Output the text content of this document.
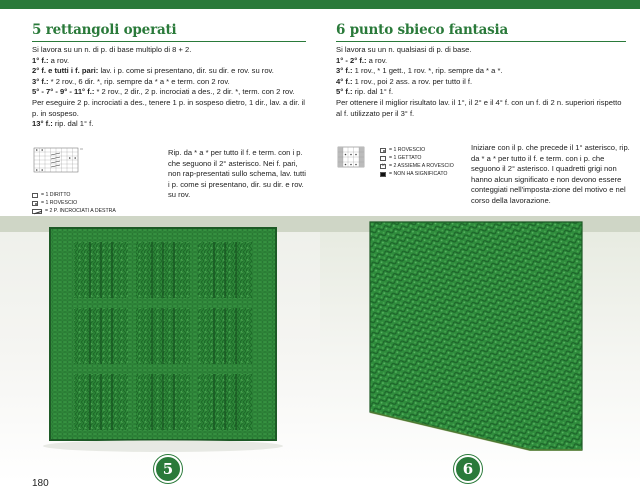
5 rettangoli operati

Si lavora su un n. di p. di base multiplo di 8 + 2.

1° f.: a rov.

2° f. e tutti i f. pari: lav. i p. come si presentano, dir. su dir. e rov. su rov.

3° f.: * 2 rov., 6 dir. *, rip. sempre da * a * e term. con 2 rov.

5° - 7° - 9° - 11° f.: * 2 rov., 2 dir., 2 p. incrociati a des., 2 dir. *, term. con 2 rov.

Per eseguire 2 p. incrociati a des., tenere 1 p. in sospeso dietro, 1 dir., lav. a dir. il p. in sospeso.

13° f.: rip. dal 1° f.

= 1 DIRITTO
= 1 ROVESCIO
= 2 P. INCROCIATI A DESTRA
Rip. da * a * per tutto il f. e term. con i p. che seguono il 2° asterisco. Nei f. pari, non rap-presentati sullo schema, lav. tutti i p. come si presentano, dir. su dir. e rov. su rov.
5
180
6 punto sbieco fantasia

Si lavora su un n. qualsiasi di p. di base.

1° - 2° f.: a rov.

3° f.: 1 rov., * 1 gett., 1 rov. *, rip. sempre da * a *.

4° f.: 1 rov., poi 2 ass. a rov. per tutto il f.

5° f.: rip. dal 1° f.

Per ottenere il miglior risultato lav. il 1°, il 2° e il 4° f. con un f. di 2 n. superiori rispetto al f. utilizzato per il 3° f.

= 1 ROVESCIO
= 1 GETTATO
×
= 2 ASSIEME A ROVESCIO
= NON HA SIGNIFICATO
Iniziare con il p. che precede il 1° asterisco, rip. da * a * per tutto il f. e term. con i p. che seguono il 2° asterisco. I quadretti grigi non hanno alcun significato e non devono essere conteggiati nell'imposta-zione del motivo e nel corso della lavorazione.
6
